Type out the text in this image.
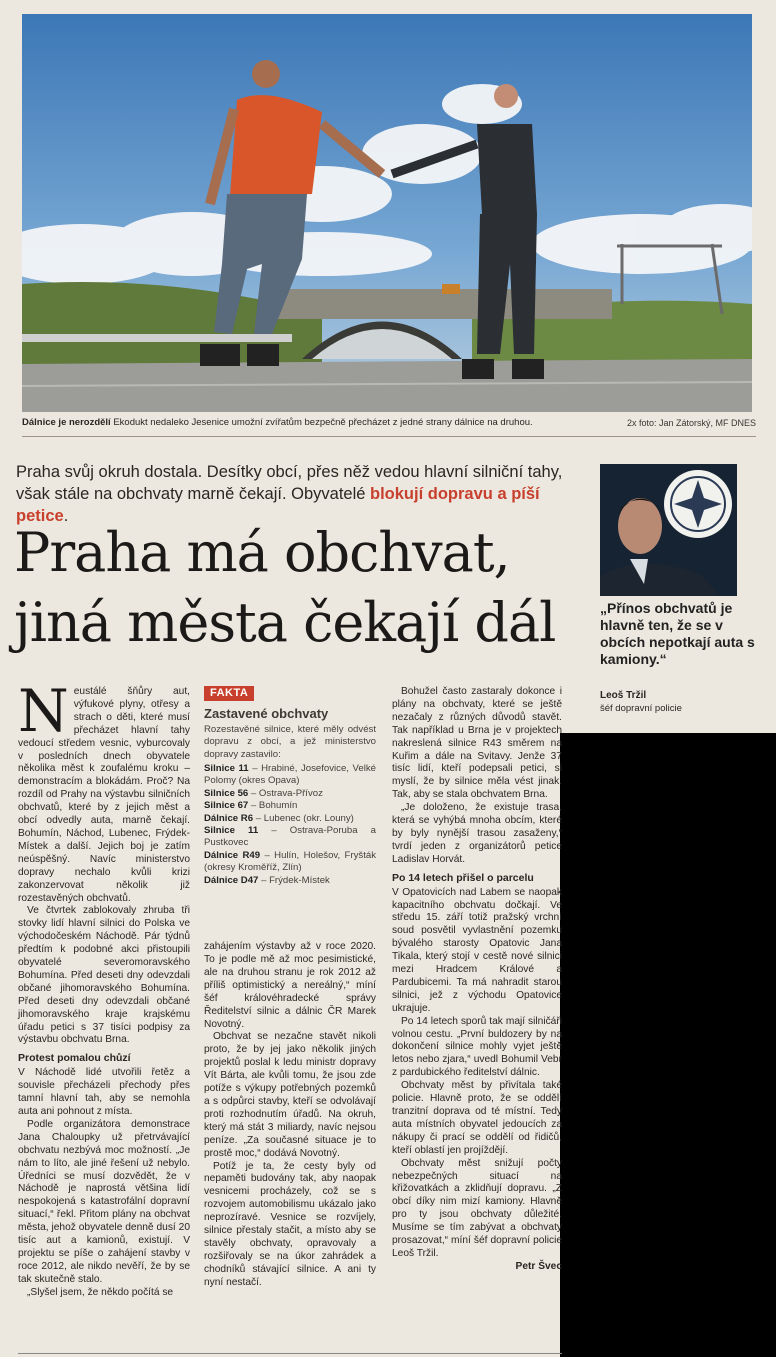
Dálnice je nerozdělí Ekodukt nedaleko Jesenice umožní zvířatům bezpečně přecházet z jedné strany dálnice na druhou.	2x foto: Jan Zátorský, MF DNES
Praha svůj okruh dostala. Desítky obcí, přes něž vedou hlavní silniční tahy, však stále na obchvaty marně čekají. Obyvatelé blokují dopravu a píší petice.
Praha má obchvat,
jiná města čekají dál	„Přínos obchvatů je hlavně ten, že se v obcích nepotkají auta s kamiony.“
Leoš Tržil
šéf dopravní policie

Neustálé šňůry aut, výfukové plyny, otřesy a strach o děti, které musí přecházet hlavní tahy vedoucí středem vesnic, vyburcovaly v posledních dnech obyvatele několika měst k zoufalému kroku – demonstracím a blokádám. Proč? Na rozdíl od Prahy na výstavbu silničních obchvatů, které by z jejich měst a obcí odvedly auta, marně čekají. Bohumín, Náchod, Lubenec, Frýdek-Místek a další. Jejich boj je zatím neúspěšný. Navíc ministerstvo dopravy nechalo kvůli krizi zakonzervovat několik již rozestavěných obchvatů.

Ve čtvrtek zablokovaly zhruba tři stovky lidí hlavní silnici do Polska ve východočeském Náchodě. Pár týdnů předtím k podobné akci přistoupili obyvatelé severomoravského Bohumína. Před deseti dny odevzdali občané jihomoravského Bohumína. Před deseti dny odevzdali občané jihomoravského kraje krajskému úřadu petici s 37 tisíci podpisy za výstavbu obchvatu Brna.

Protest pomalou chůzí

V Náchodě lidé utvořili řetěz a souvisle přecházeli přechody přes tamní hlavní tah, aby se nemohla auta ani pohnout z místa.

Podle organizátora demonstrace Jana Chaloupky už přetrvávající obchvatu nezbývá moc možností. „Je nám to líto, ale jiné řešení už nebylo. Úředníci se musí dozvědět, že v Náchodě je naprostá většina lidí nespokojená s katastrofální dopravní situací,“ řekl. Přitom plány na obchvat města, jehož obyvatele denně dusí 20 tisíc aut a kamionů, existují. V projektu se píše o zahájení stavby v roce 2012, ale nikdo nevěří, že by se tak skutečně stalo.

„Slyšel jsem, že někdo počítá se

FAKTA
Zastavené obchvaty
Rozestavěné silnice, které měly odvést dopravu z obcí, a jež ministerstvo dopravy zastavilo:
Silnice 11 – Hrabiné, Josefovice, Velké Polomy (okres Opava)
Silnice 56 – Ostrava-Přívoz
Silnice 67 – Bohumín
Dálnice R6 – Lubenec (okr. Louny)
Silnice 11 – Ostrava-Poruba a Pustkovec
Dálnice R49 – Hulín, Holešov, Fryšták (okresy Kroměříž, Zlín)
Dálnice D47 – Frýdek-Místek

zahájením výstavby až v roce 2020. To je podle mě až moc pesimistické, ale na druhou stranu je rok 2012 až příliš optimistický a nereálný,“ míní šéf královéhradecké správy Ředitelství silnic a dálnic ČR Marek Novotný.

Obchvat se nezačne stavět nikoli proto, že by jej jako několik jiných projektů poslal k ledu ministr dopravy Vít Bárta, ale kvůli tomu, že jsou zde potíže s výkupy potřebných pozemků a s odpůrci stavby, kteří se odvolávají proti rozhodnutím úřadů. Na okruh, který má stát 3 miliardy, navíc nejsou peníze. „Za současné situace je to prostě moc,“ dodává Novotný.

Potíž je ta, že cesty byly od nepaměti budovány tak, aby naopak vesnicemi procházely, což se s rozvojem automobilismu ukázalo jako neprozíravé. Vesnice se rozvíjely, silnice přestaly stačit, a místo aby se stavěly obchvaty, opravovaly a rozšiřovaly se na úkor zahrádek a chodníků stávající silnice. A ani ty nyní nestačí.

Bohužel často zastaraly dokonce i plány na obchvaty, které se ještě nezačaly z různých důvodů stavět. Tak například u Brna je v projektech nakreslená silnice R43 směrem na Kuřim a dále na Svitavy. Jenže 37 tisíc lidí, kteří podepsali petici, si myslí, že by silnice měla vést jinak. Tak, aby se stala obchvatem Brna.

„Je doloženo, že existuje trasa, která se vyhýbá mnoha obcím, které by byly nynější trasou zasaženy,“ tvrdí jeden z organizátorů petice Ladislav Horvát.

Po 14 letech přišel o parcelu

V Opatovicích nad Labem se naopak kapacitního obchvatu dočkají. Ve středu 15. září totiž pražský vrchní soud posvětil vyvlastnění pozemku bývalého starosty Opatovic Jana Tikala, který stojí v cestě nové silnici mezi Hradcem Králové a Pardubicemi. Ta má nahradit starou silnici, jež z východu Opatovice ukrajuje.

Po 14 letech sporů tak mají silničáři volnou cestu. „První buldozery by na dokončení silnice mohly vyjet ještě letos nebo zjara,“ uvedl Bohumil Vebr z pardubického ředitelství dálnic.

Obchvaty měst by přivítala také policie. Hlavně proto, že se oddělí tranzitní doprava od té místní. Tedy auta místních obyvatel jedoucích za nákupy či prací se oddělí od řidičů, kteří oblastí jen projíždějí.

Obchvaty měst snižují počty nebezpečných situací na křižovatkách a zklidňují dopravu. „Z obcí díky nim mizí kamiony. Hlavně pro ty jsou obchvaty důležité. Musíme se tím zabývat a obchvaty prosazovat,“ míní šéf dopravní policie Leoš Tržil.

Petr Švec
